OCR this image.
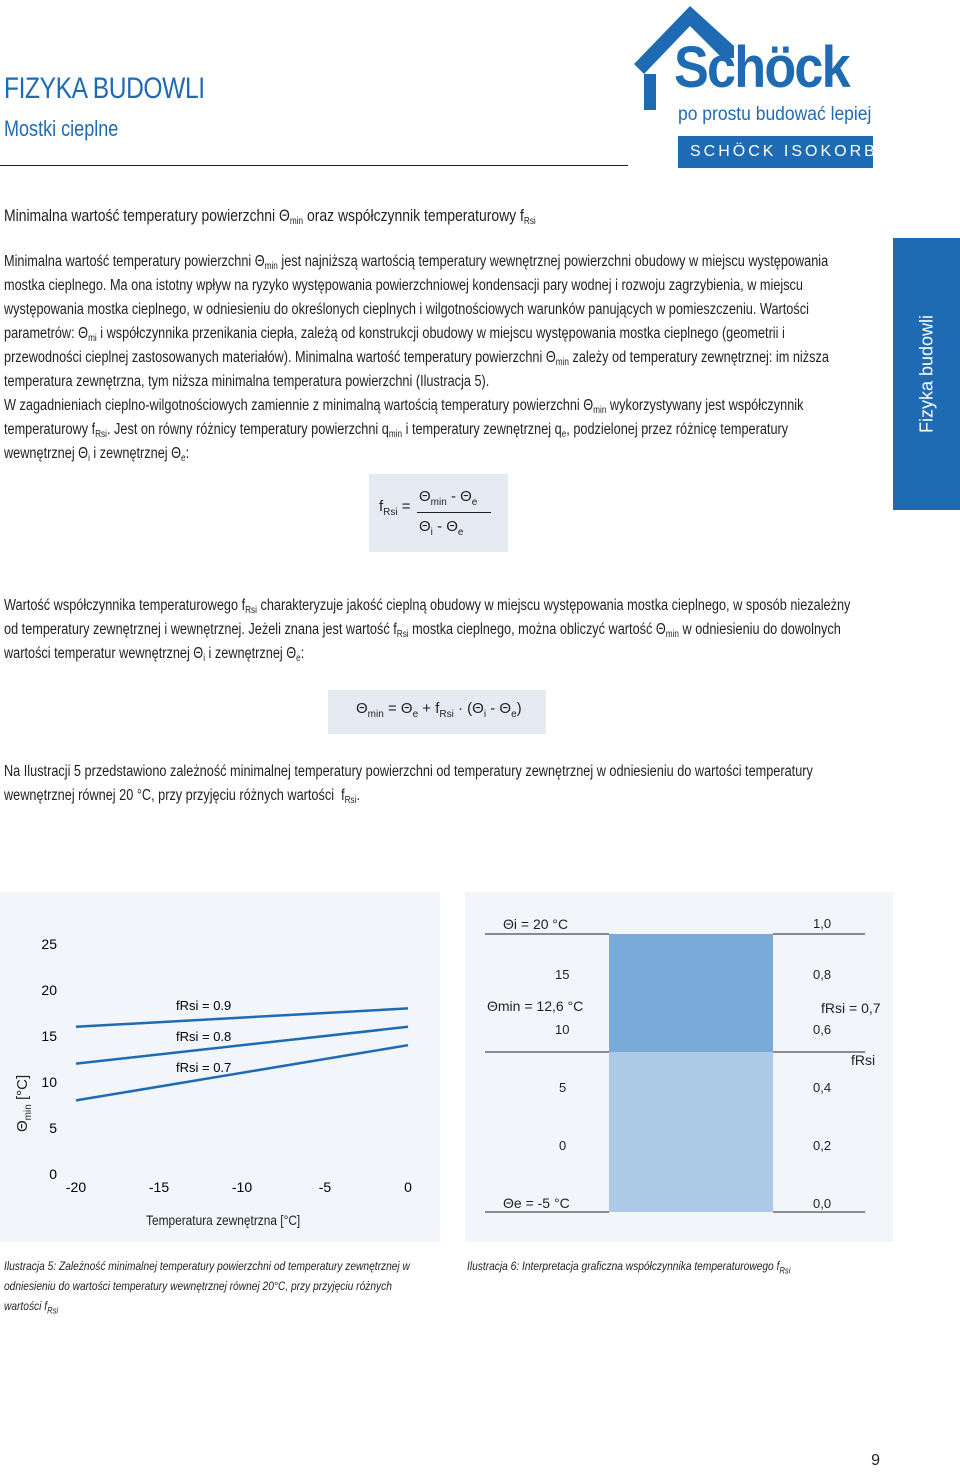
FIZYKA BUDOWLI
Mostki cieplne
Schöck
po prostu budować lepiej
SCHÖCK ISOKORB®
Fizyka budowli
Minimalna wartość temperatury powierzchni $\Theta_{min}$ oraz współczynnik temperaturowy $f_{Rsi}$
Minimalna wartość temperatury powierzchni $\Theta_{min}$ jest najniższą wartością temperatury wewnętrznej powierzchni obudowy w miejscu występowania
mostka cieplnego. Ma ona istotny wpływ na ryzyko występowania powierzchniowej kondensacji pary wodnej i rozwoju zagrzybienia, w miejscu
występowania mostka cieplnego, w odniesieniu do określonych cieplnych i wilgotnościowych warunków panujących w pomieszczeniu. Wartości
parametrów: $\Theta_{mi}$ i współczynnika przenikania ciepła, zależą od konstrukcji obudowy w miejscu występowania mostka cieplnego (geometrii i
przewodności cieplnej zastosowanych materiałów). Minimalna wartość temperatury powierzchni $\Theta_{min}$ zależy od temperatury zewnętrznej: im niższa
temperatura zewnętrzna, tym niższa minimalna temperatura powierzchni (Ilustracja 5).
W zagadnieniach cieplno-wilgotnościowych zamiennie z minimalną wartością temperatury powierzchni $\Theta_{min}$ wykorzystywany jest współczynnik
temperaturowy $f_{Rsi}$. Jest on równy różnicy temperatury powierzchni $q_{min}$ i temperatury zewnętrznej $q_e$, podzielonej przez różnicę temperatury
wewnętrznej $\Theta_i$ i zewnętrznej $\Theta_e$:
$f_{Rsi}$ =
$\Theta_{min} - \Theta_e$
$\Theta_i - \Theta_e$
Wartość współczynnika temperaturowego $f_{Rsi}$ charakteryzuje jakość cieplną obudowy w miejscu występowania mostka cieplnego, w sposób niezależny
od temperatury zewnętrznej i wewnętrznej. Jeżeli znana jest wartość $f_{Rsi}$ mostka cieplnego, można obliczyć wartość $\Theta_{min}$ w odniesieniu do dowolnych
wartości temperatur wewnętrznej $\Theta_i$ i zewnętrznej $\Theta_e$:
$\Theta_{min} = \Theta_e + f_{Rsi} \cdot (\Theta_i - \Theta_e)$
Na Ilustracji 5 przedstawiono zależność minimalnej temperatury powierzchni od temperatury zewnętrznej w odniesieniu do wartości temperatury
wewnętrznej równej 20 °C, przy przyjęciu różnych wartości  $f_{Rsi}$.
0
5
10
15
20
25
-20	-15	-10	-5	0
fRsi = 0.9
fRsi = 0.8
fRsi = 0.7
$\Theta_{min}$ [°C]
Temperatura zewnętrzna [°C]
Θi = 20 °C
Θmin = 12,6 °C
Θe = -5 °C
fRsi = 0,7
fRsi
15
10
5
0
1,0
0,8
0,6
0,4
0,2
0,0
Ilustracja 5: Zależność minimalnej temperatury powierzchni od temperatury zewnętrznej w
odniesieniu do wartości temperatury wewnętrznej równej 20°C, przy przyjęciu różnych
wartości $f_{Rsi}$
Ilustracja 6: Interpretacja graficzna współczynnika temperaturowego $f_{Rsi}$
9
